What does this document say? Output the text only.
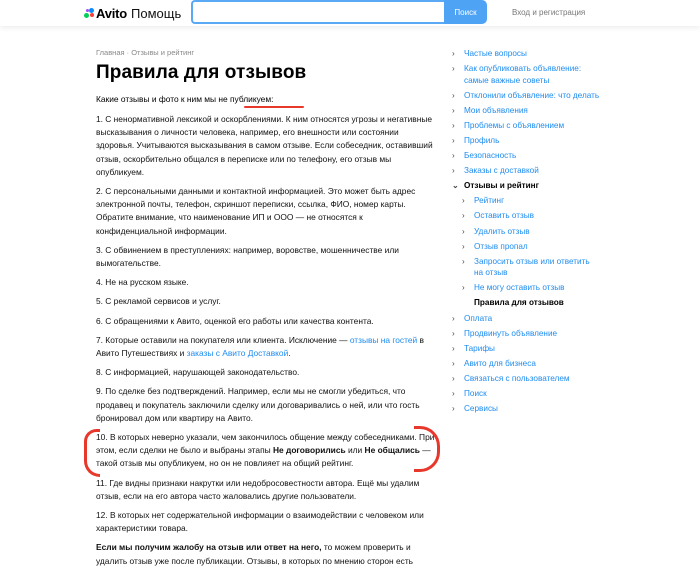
Avito Помощь	Поиск	Вход и регистрация
Главная · Отзывы и рейтинг
Правила для отзывов
Какие отзывы и фото к ним мы не публикуем:

1. С ненормативной лексикой и оскорблениями. К ним относятся угрозы и негативные высказывания о личности человека, например, его внешности или состоянии здоровья. Учитываются высказывания в самом отзыве. Если собеседник, оставивший отзыв, оскорбительно общался в переписке или по телефону, его отзыв мы опубликуем.

2. С персональными данными и контактной информацией. Это может быть адрес электронной почты, телефон, скриншот переписки, ссылка, ФИО, номер карты. Обратите внимание, что наименование ИП и ООО — не относятся к конфиденциальной информации.

3. С обвинением в преступлениях: например, воровстве, мошенничестве или вымогательстве.

4. Не на русском языке.

5. С рекламой сервисов и услуг.

6. С обращениями к Авито, оценкой его работы или качества контента.

7. Которые оставили на покупателя или клиента. Исключение — отзывы на гостей в Авито Путешествиях и заказы с Авито Доставкой.

8. С информацией, нарушающей законодательство.

9. По сделке без подтверждений. Например, если мы не смогли убедиться, что продавец и покупатель заключили сделку или договаривались о ней, или что гость бронировал дом или квартиру на Авито.

10. В которых неверно указали, чем закончилось общение между собеседниками. При этом, если сделки не было и выбраны этапы Не договорились или Не общались — такой отзыв мы опубликуем, но он не повлияет на общий рейтинг.

11. Где видны признаки накрутки или недобросовестности автора. Ещё мы удалим отзыв, если на его автора часто жаловались другие пользователи.

12. В которых нет содержательной информации о взаимодействии с человеком или характеристики товара.

Если мы получим жалобу на отзыв или ответ на него, то можем проверить и удалить отзыв уже после публикации. Отзывы, в которых по мнению сторон есть

›	Частые вопросы
›	Как опубликовать объявление: самые важные советы
›	Отклонили объявление: что делать
›	Мои объявления
›	Проблемы с объявлением
›	Профиль
›	Безопасность
›	Заказы с доставкой
⌄ Отзывы и рейтинг
›	Рейтинг
›	Оставить отзыв
›	Удалить отзыв
›	Отзыв пропал
›	Запросить отзыв или ответить на отзыв
›	Не могу оставить отзыв
Правила для отзывов
›	Оплата
›	Продвинуть объявление
›	Тарифы
›	Авито для бизнеса
›	Связаться с пользователем
›	Поиск
›	Сервисы
